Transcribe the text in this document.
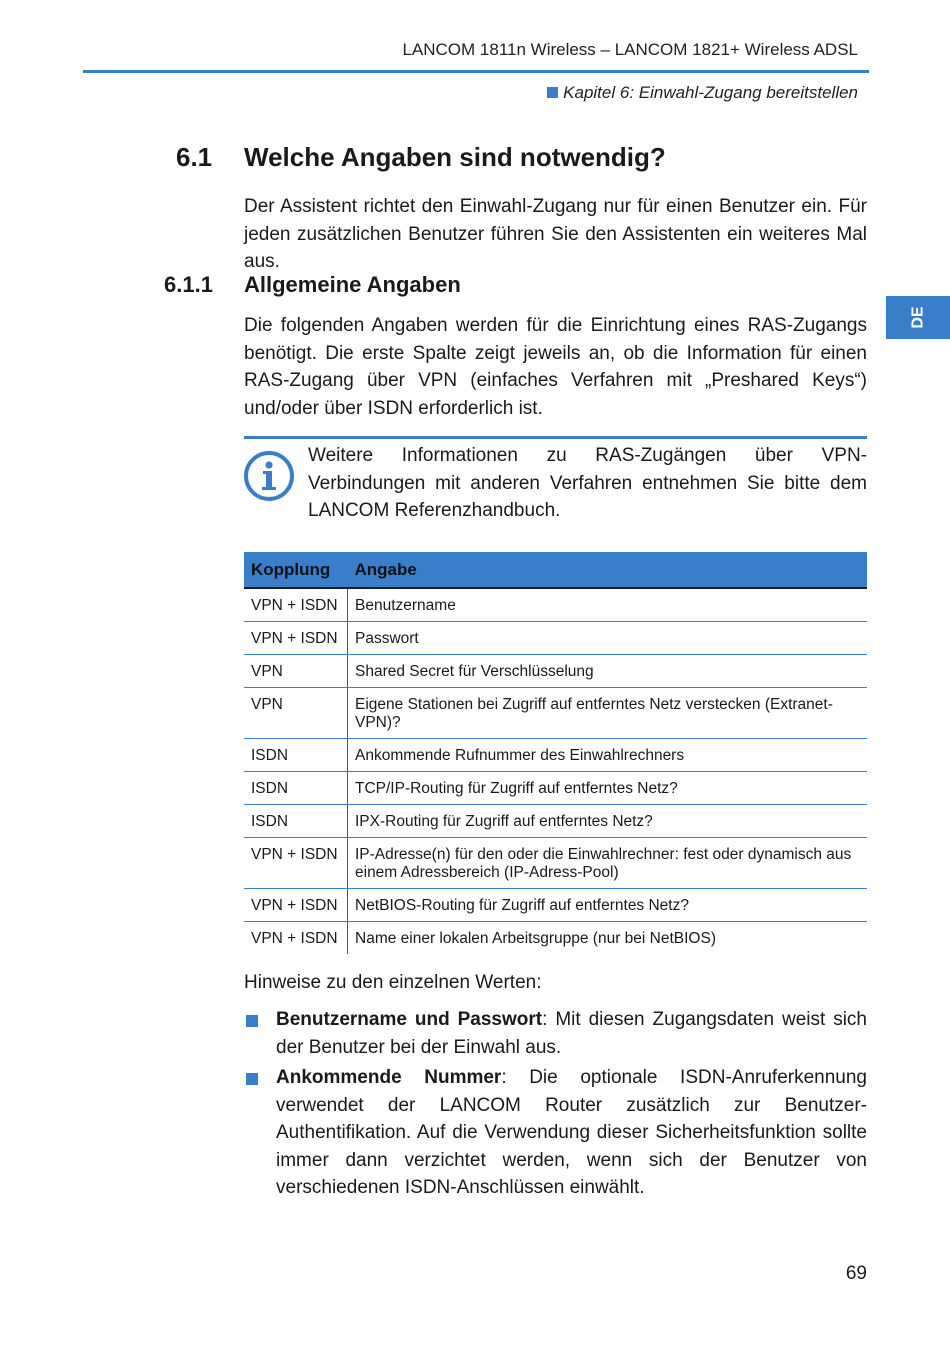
LANCOM 1811n Wireless – LANCOM 1821+ Wireless ADSL
Kapitel 6: Einwahl-Zugang bereitstellen
DE
6.1 Welche Angaben sind notwendig?
Der Assistent richtet den Einwahl-Zugang nur für einen Benutzer ein. Für jeden zusätzlichen Benutzer führen Sie den Assistenten ein weiteres Mal aus.
6.1.1 Allgemeine Angaben
Die folgenden Angaben werden für die Einrichtung eines RAS-Zugangs benötigt. Die erste Spalte zeigt jeweils an, ob die Information für einen RAS-Zugang über VPN (einfaches Verfahren mit „Preshared Keys“) und/oder über ISDN erforderlich ist.
Weitere Informationen zu RAS-Zugängen über VPN-Verbindungen mit anderen Verfahren entnehmen Sie bitte dem LANCOM Referenzhandbuch.
Kopplung	Angabe
VPN + ISDN	Benutzername
VPN + ISDN	Passwort
VPN	Shared Secret für Verschlüsselung
VPN	Eigene Stationen bei Zugriff auf entferntes Netz verstecken (Extranet-VPN)?
ISDN	Ankommende Rufnummer des Einwahlrechners
ISDN	TCP/IP-Routing für Zugriff auf entferntes Netz?
ISDN	IPX-Routing für Zugriff auf entferntes Netz?
VPN + ISDN	IP-Adresse(n) für den oder die Einwahlrechner: fest oder dynamisch aus einem Adressbereich (IP-Adress-Pool)
VPN + ISDN	NetBIOS-Routing für Zugriff auf entferntes Netz?
VPN + ISDN	Name einer lokalen Arbeitsgruppe (nur bei NetBIOS)
Hinweise zu den einzelnen Werten:
Benutzername und Passwort: Mit diesen Zugangsdaten weist sich der Benutzer bei der Einwahl aus.
Ankommende Nummer: Die optionale ISDN-Anruferkennung verwendet der LANCOM Router zusätzlich zur Benutzer-Authentifikation. Auf die Verwendung dieser Sicherheitsfunktion sollte immer dann verzichtet werden, wenn sich der Benutzer von verschiedenen ISDN-Anschlüssen einwählt.
69
